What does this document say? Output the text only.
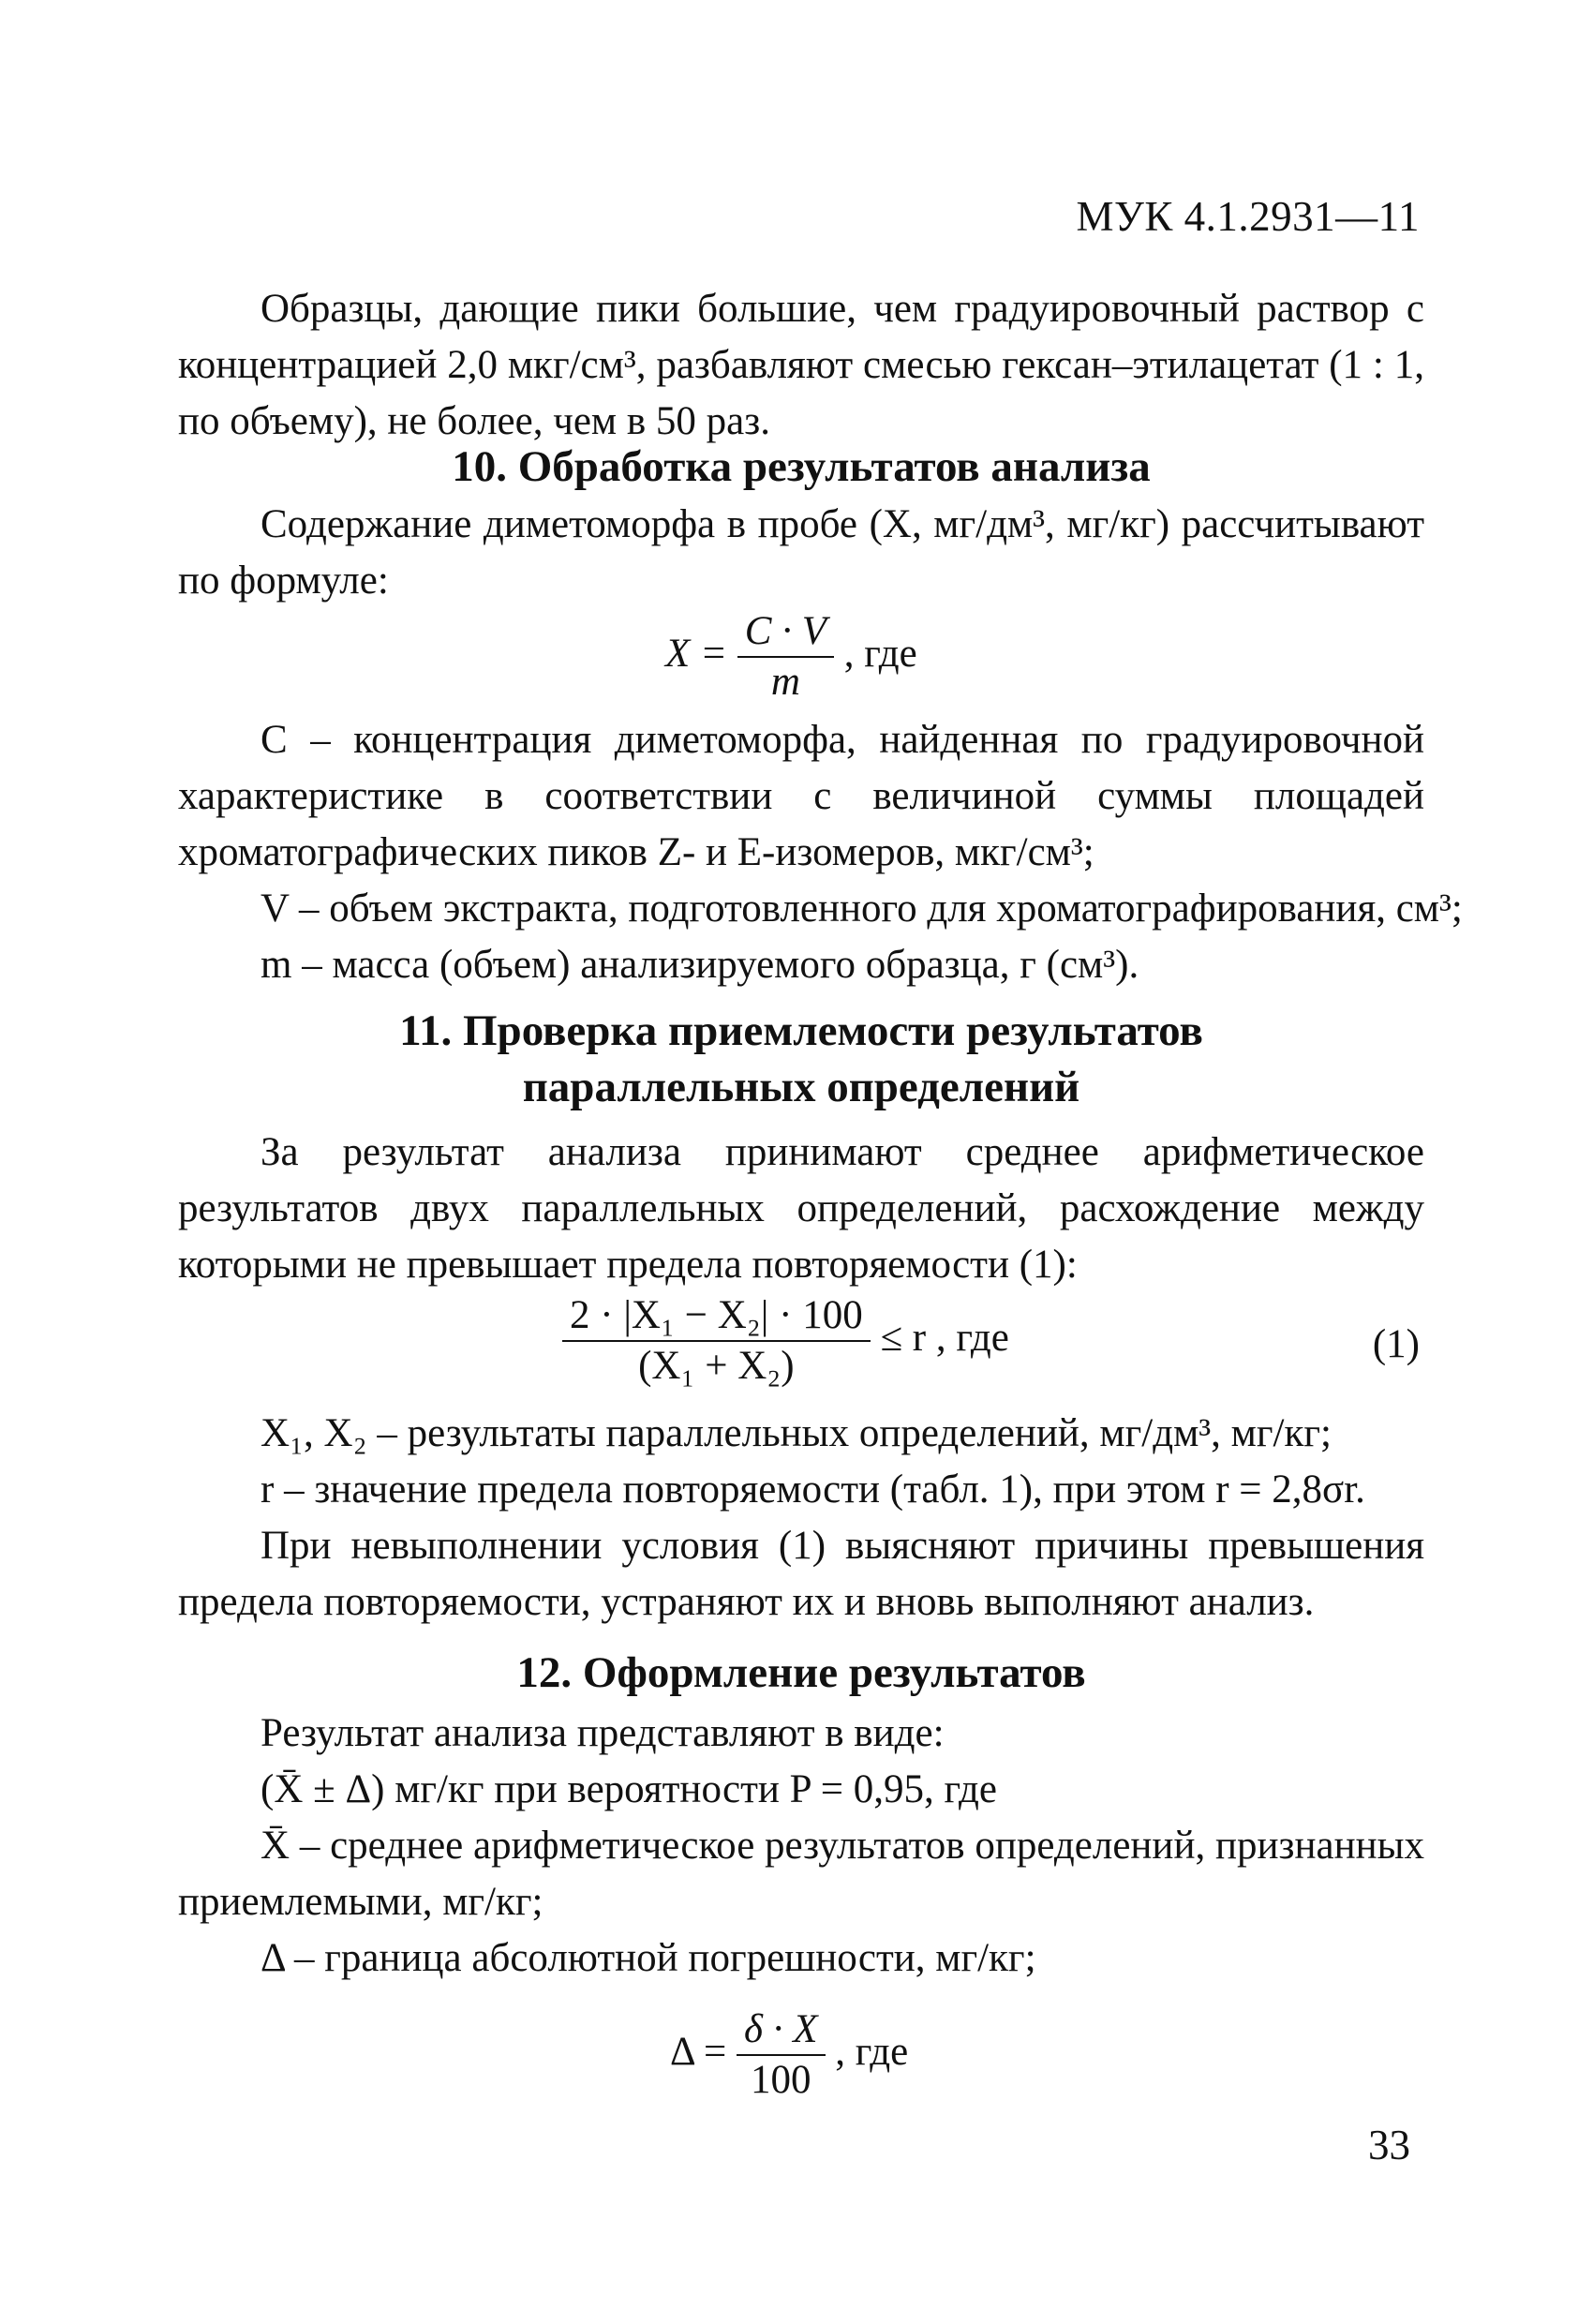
МУК 4.1.2931—11

Образцы, дающие пики большие, чем градуировочный раствор с концентрацией 2,0 мкг/см³, разбавляют смесью гексан–этилацетат (1 : 1, по объему), не более, чем в 50 раз.

10. Обработка результатов анализа

Содержание диметоморфа в пробе (X, мг/дм³, мг/кг) рассчитывают по формуле:

$X = \frac{C \cdot V}{m}$ , где

C – концентрация диметоморфа, найденная по градуировочной характеристике в соответствии с величиной суммы площадей хроматографических пиков Z- и Е-изомеров, мкг/см³;

V – объем экстракта, подготовленного для хроматографирования, см³;

m – масса (объем) анализируемого образца, г (см³).

11. Проверка приемлемости результатов
параллельных определений

За результат анализа принимают среднее арифметическое результатов двух параллельных определений, расхождение между которыми не превышает предела повторяемости (1):

$\frac{\text{2 · |X₁ − X₂| · 100}}{\text{(X₁ + X₂)}} \le r$ , где	(1)

X₁, X₂ – результаты параллельных определений, мг/дм³, мг/кг;

r – значение предела повторяемости (табл. 1), при этом r = 2,8σr.

При невыполнении условия (1) выясняют причины превышения предела повторяемости, устраняют их и вновь выполняют анализ.

12. Оформление результатов

Результат анализа представляют в виде:

(X̄ ± Δ) мг/кг при вероятности P = 0,95, где

X̄ – среднее арифметическое результатов определений, признанных приемлемыми, мг/кг;

Δ – граница абсолютной погрешности, мг/кг;

$\Delta = \frac{\delta \cdot X}{100}$ , где
33
